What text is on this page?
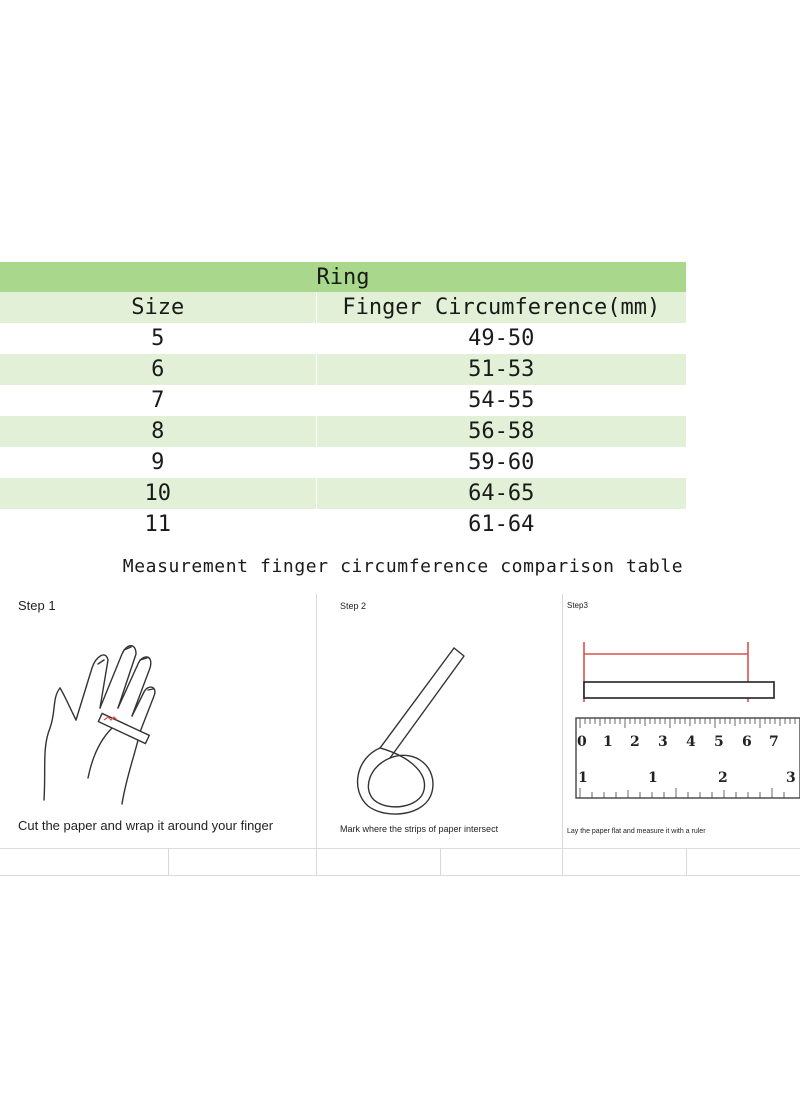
Ring
Size	Finger Circumference(mm)
5	49-50
6	51-53
7	54-55
8	56-58
9	59-60
10	64-65
11	61-64
Measurement finger circumference comparison table
Step 1
Cut the paper and wrap it around your finger
Step 2
Mark where the strips of paper intersect
Step3
0 1 2 3 4 5 6 7
1	1	2	3
Lay the paper flat and measure it with a ruler
